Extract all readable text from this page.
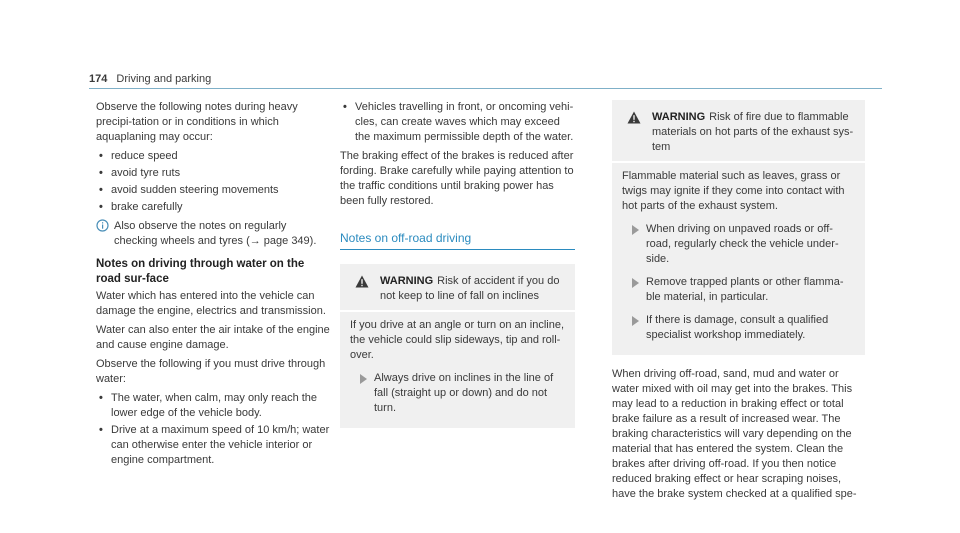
174 Driving and parking

Observe the following notes during heavy precipi-tation or in conditions in which aquaplaning may occur:

• reduce speed
• avoid tyre ruts
• avoid sudden steering movements
• brake carefully
Also observe the notes on regularly checking wheels and tyres (→ page 349).
Notes on driving through water on the road sur-face

Water which has entered into the vehicle can damage the engine, electrics and transmission.

Water can also enter the air intake of the engine and cause engine damage.

Observe the following if you must drive through water:

• The water, when calm, may only reach the lower edge of the vehicle body.
• Drive at a maximum speed of 10 km/h; water can otherwise enter the vehicle interior or engine compartment.
• Vehicles travelling in front, or oncoming vehi-cles, can create waves which may exceed the maximum permissible depth of the water.

The braking effect of the brakes is reduced after fording. Brake carefully while paying attention to the traffic conditions until braking power has been fully restored.

Notes on off-road driving
WARNING Risk of accident if you do not keep to line of fall on inclines

If you drive at an angle or turn on an incline, the vehicle could slip sideways, tip and roll-over.

Always drive on inclines in the line of fall (straight up or down) and do not turn.
WARNING Risk of fire due to flammable materials on hot parts of the exhaust sys-tem

Flammable material such as leaves, grass or twigs may ignite if they come into contact with hot parts of the exhaust system.

When driving on unpaved roads or off-road, regularly check the vehicle under-side.
Remove trapped plants or other flamma-ble material, in particular.
If there is damage, consult a qualified specialist workshop immediately.

When driving off-road, sand, mud and water or water mixed with oil may get into the brakes. This may lead to a reduction in braking effect or total brake failure as a result of increased wear. The braking characteristics will vary depending on the material that has entered the system. Clean the brakes after driving off-road. If you then notice reduced braking effect or hear scraping noises, have the brake system checked at a qualified spe-
